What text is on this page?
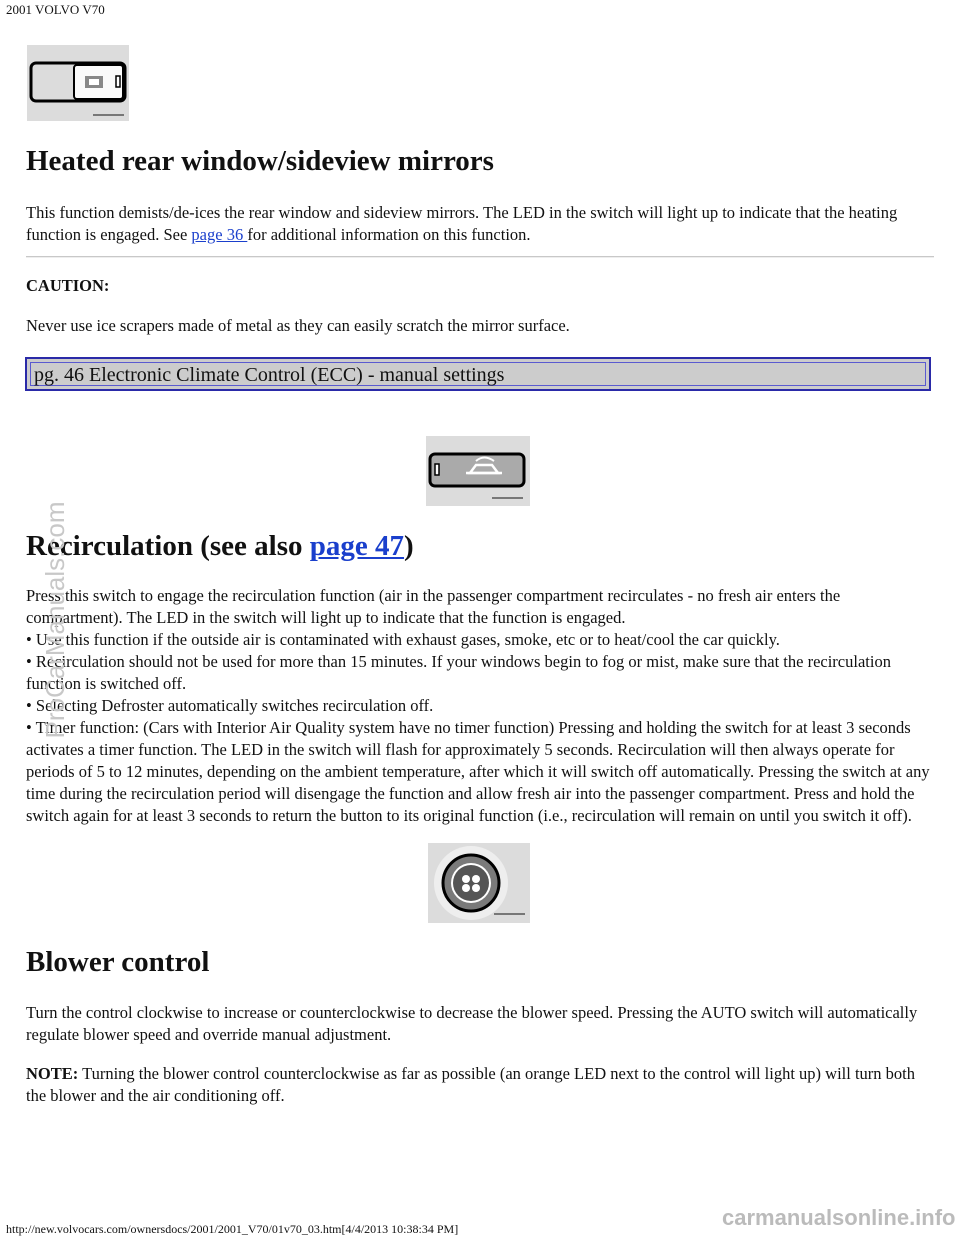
2001 VOLVO V70
Heated rear window/sideview mirrors
This function demists/de-ices the rear window and sideview mirrors. The LED in the switch will light up to indicate that the heating function is engaged. See page 36 for additional information on this function.
CAUTION:
Never use ice scrapers made of metal as they can easily scratch the mirror surface.
pg. 46 Electronic Climate Control (ECC) - manual settings
Recirculation (see also page 47)
Press this switch to engage the recirculation function (air in the passenger compartment recirculates - no fresh air enters the compartment). The LED in the switch will light up to indicate that the function is engaged.
• Use this function if the outside air is contaminated with exhaust gases, smoke, etc or to heat/cool the car quickly.
• Recirculation should not be used for more than 15 minutes. If your windows begin to fog or mist, make sure that the recirculation function is switched off.
• Selecting Defroster automatically switches recirculation off.
• Timer function: (Cars with Interior Air Quality system have no timer function) Pressing and holding the switch for at least 3 seconds activates a timer function. The LED in the switch will flash for approximately 5 seconds. Recirculation will then always operate for periods of 5 to 12 minutes, depending on the ambient temperature, after which it will switch off automatically. Pressing the switch at any time during the recirculation period will disengage the function and allow fresh air into the passenger compartment. Press and hold the switch again for at least 3 seconds to return the button to its original function (i.e., recirculation will remain on until you switch it off).
Blower control
Turn the control clockwise to increase or counterclockwise to decrease the blower speed. Pressing the AUTO switch will automatically regulate blower speed and override manual adjustment.
NOTE: Turning the blower control counterclockwise as far as possible (an orange LED next to the control will light up) will turn both the blower and the air conditioning off.
ProCarManuals.com
http://new.volvocars.com/ownersdocs/2001/2001_V70/01v70_03.htm[4/4/2013 10:38:34 PM]	carmanualsonline.info
